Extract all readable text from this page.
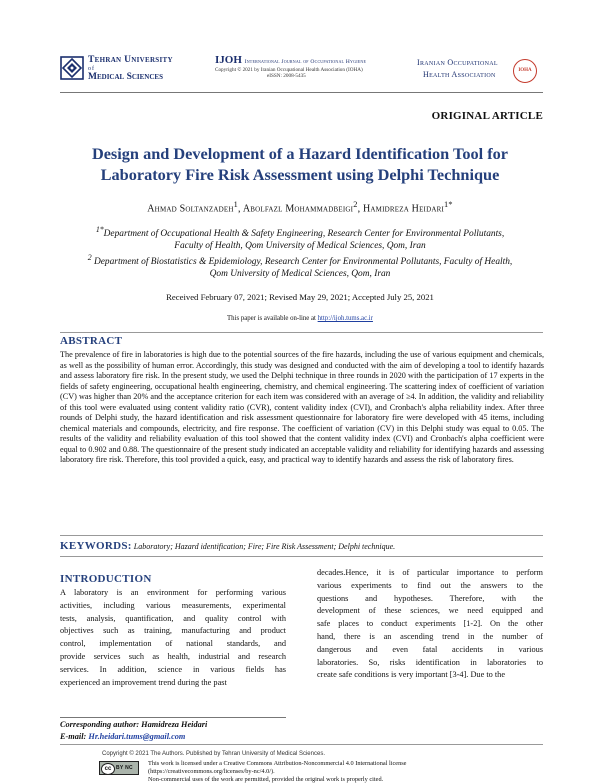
Tehran University
of
Medical Sciences
IJOH International Journal of Occupational Hygiene
Copyright © 2021 by Iranian Occupational Health Association (IOHA)
eISSN: 2008-5435
Iranian Occupational
Health Association	IOHA
ORIGINAL ARTICLE
Design and Development of a Hazard Identification Tool for
Laboratory Fire Risk Assessment using Delphi Technique
Ahmad Soltanzadeh$^1$, Abolfazl Mohammadbeigi$^2$, Hamidreza Heidari$^{1*}$
$^{1*}$Department of Occupational Health & Safety Engineering, Research Center for Environmental Pollutants,
Faculty of Health, Qom University of Medical Sciences, Qom, Iran
$^2$ Department of Biostatistics & Epidemiology, Research Center for Environmental Pollutants, Faculty of Health,
Qom University of Medical Sciences, Qom, Iran
Received February 07, 2021; Revised May 29, 2021; Accepted July 25, 2021
This paper is available on-line at http://ijoh.tums.ac.ir
ABSTRACT
The prevalence of fire in laboratories is high due to the potential sources of the fire hazards, including the use of various equipment and chemicals, as well as the possibility of human error. Accordingly, this study was designed and conducted with the aim of developing a tool to identify hazards and assess laboratory fire risk. In the present study, we used the Delphi technique in three rounds in 2020 with the participation of 17 experts in the fields of safety engineering, occupational health engineering, chemistry, and chemical engineering. The scattering index of coefficient of variation (CV) was higher than 20% and the acceptance criterion for each item was considered with an average of ≥4. In addition, the validity and reliability of this tool were evaluated using content validity ratio (CVR), content validity index (CVI), and Cronbach's alpha reliability index. After three rounds of Delphi study, the hazard identification and risk assessment questionnaire for laboratory fire were developed with 45 items, including chemical materials and compounds, electricity, and fire response. The coefficient of variation (CV) in this Delphi study was equal to 0.05. The results of the validity and reliability evaluation of this tool showed that the content validity index (CVI) and Cronbach's alpha coefficient were equal to 0.902 and 0.88. The questionnaire of the present study indicated an acceptable validity and reliability for identifying hazards and assessing laboratory fire risk. Therefore, this tool provided a quick, easy, and practical way to identify hazards and assess the risk of laboratory fires.
KEYWORDS: Laboratory; Hazard identification; Fire; Fire Risk Assessment; Delphi technique.
INTRODUCTION
A laboratory is an environment for performing various
activities, including various measurements, experimental
tests, analysis, quantification, and quality control with
objectives such as training, manufacturing and product
control, implementation of national standards, and
provide services such as health, industrial and research
services. In addition, science in various fields has
experienced an improvement trend during the past
decades.Hence, it is of particular importance to perform
various experiments to find out the answers to the
questions and hypotheses. Therefore, with the
development of these sciences, we need equipped and
safe places to conduct experiments [1-2]. On the other
hand, there is an ascending trend in the number of
dangerous and even fatal accidents in various
laboratories. So, risks identification in laboratories to
create safe conditions is very important [3-4]. Due to the
Corresponding author: Hamidreza Heidari
E-mail: Hr.heidari.tums@gmail.com
Copyright © 2021 The Authors. Published by Tehran University of Medical Sciences.
cc BY NC
This work is licensed under a Creative Commons Attribution-Noncommercial 4.0 International license
(https://creativecommons.org/licenses/by-nc/4.0/).
Non-commercial uses of the work are permitted, provided the original work is properly cited.
